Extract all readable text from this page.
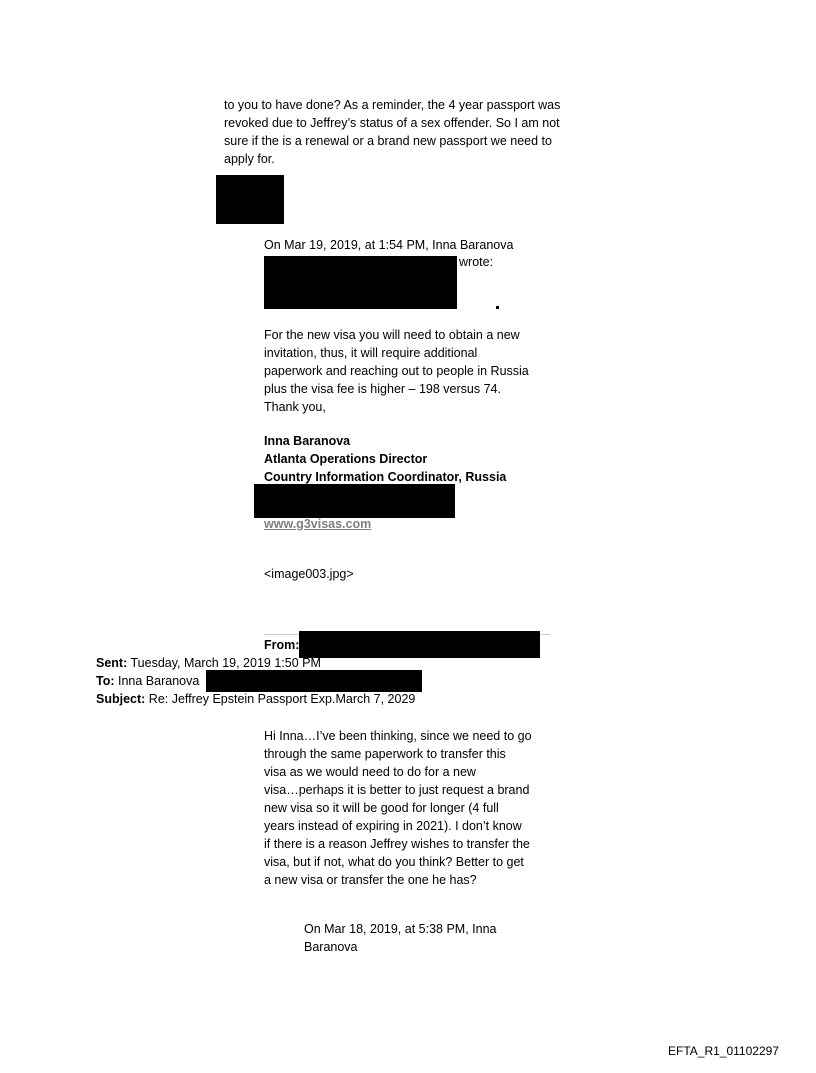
to you to have done? As a reminder, the 4 year passport was

revoked due to Jeffrey’s status of a sex offender. So I am not

sure if the is a renewal or a brand new passport we need to

apply for.

On Mar 19, 2019, at 1:54 PM, Inna Baranova

wrote:

For the new visa you will need to obtain a new

invitation, thus, it will require additional

paperwork and reaching out to people in Russia

plus the visa fee is higher – 198 versus 74.

Thank you,

Inna Baranova

Atlanta Operations Director

Country Information Coordinator, Russia

www.g3visas.com

<image003.jpg>

From:

Sent: Tuesday, March 19, 2019 1:50 PM

To: Inna Baranova

Subject: Re: Jeffrey Epstein Passport Exp.March 7, 2029

Hi Inna…I’ve been thinking, since we need to go

through the same paperwork to transfer this

visa as we would need to do for a new

visa…perhaps it is better to just request a brand

new visa so it will be good for longer (4 full

years instead of expiring in 2021). I don’t know

if there is a reason Jeffrey wishes to transfer the

visa, but if not, what do you think? Better to get

a new visa or transfer the one he has?

On Mar 18, 2019, at 5:38 PM, Inna

Baranova

EFTA_R1_01102297
